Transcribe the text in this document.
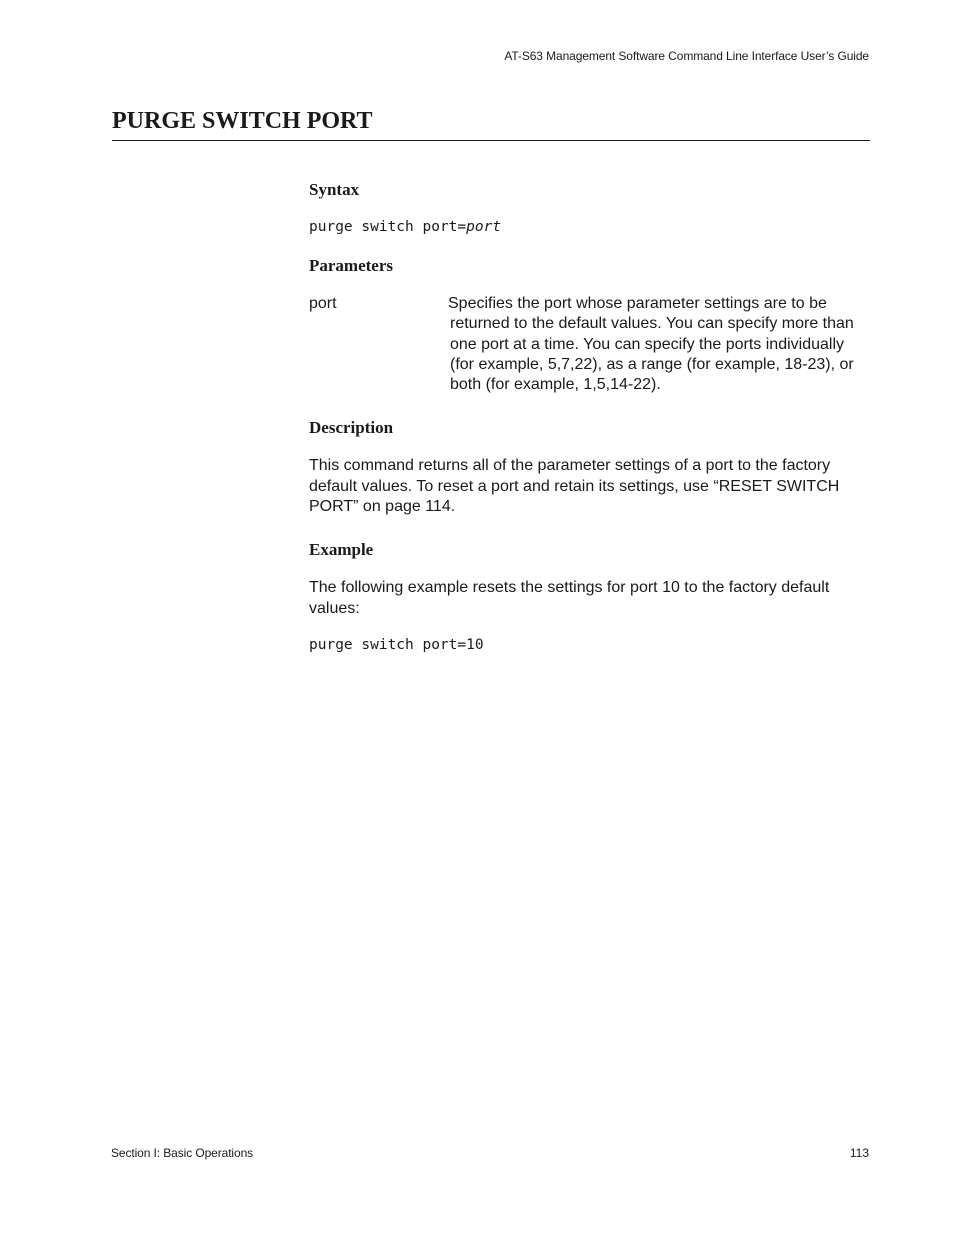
AT-S63 Management Software Command Line Interface User’s Guide
PURGE SWITCH PORT
Syntax
purge switch port=port
Parameters
port	Specifies the port whose parameter settings are to be returned to the default values. You can specify more than one port at a time. You can specify the ports individually (for example, 5,7,22), as a range (for example, 18-23), or both (for example, 1,5,14-22).

Description

This command returns all of the parameter settings of a port to the factory default values. To reset a port and retain its settings, use “RESET SWITCH PORT” on page 114.

Example

The following example resets the settings for port 10 to the factory default values:

purge switch port=10
Section I: Basic Operations	113
